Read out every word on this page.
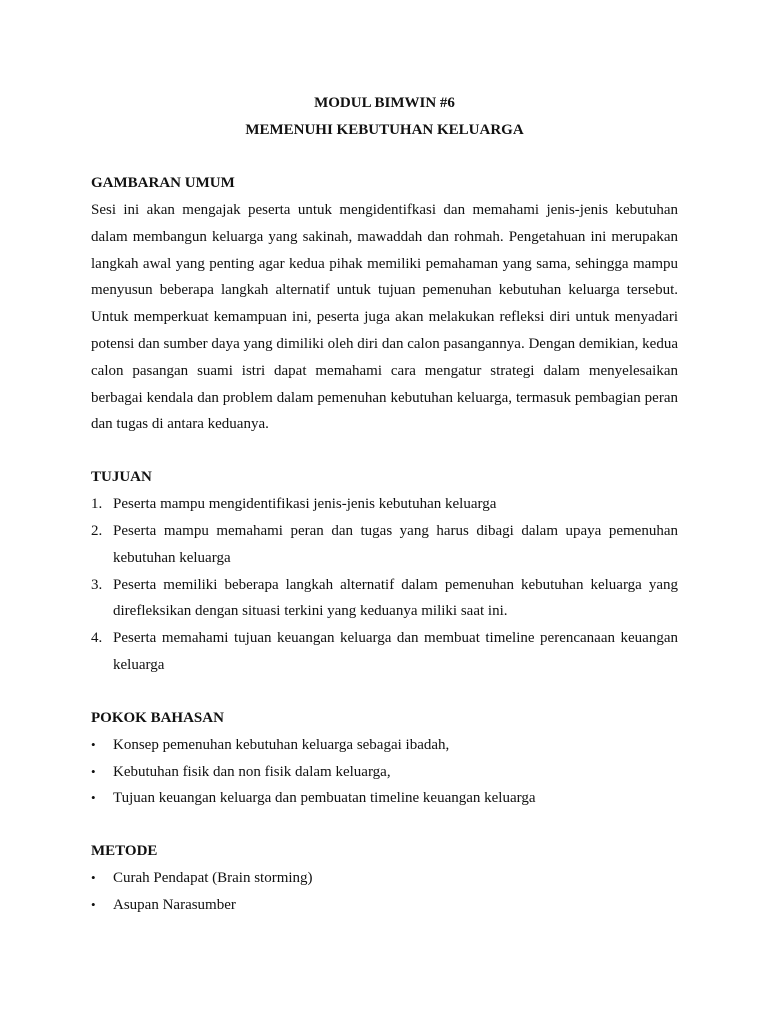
MODUL BIMWIN #6

MEMENUHI KEBUTUHAN KELUARGA

GAMBARAN UMUM

Sesi ini akan mengajak peserta untuk mengidentifkasi dan memahami jenis-jenis kebutuhan dalam membangun keluarga yang sakinah, mawaddah dan rohmah. Pengetahuan ini merupakan langkah awal yang penting agar kedua pihak memiliki pemahaman yang sama, sehingga mampu menyusun beberapa langkah alternatif untuk tujuan pemenuhan kebutuhan keluarga tersebut. Untuk memperkuat kemampuan ini, peserta juga akan melakukan refleksi diri untuk menyadari potensi dan sumber daya yang dimiliki oleh diri dan calon pasangannya. Dengan demikian, kedua calon pasangan suami istri dapat memahami cara mengatur strategi dalam menyelesaikan berbagai kendala dan problem dalam pemenuhan kebutuhan keluarga, termasuk pembagian peran dan tugas di antara keduanya.

TUJUAN

1. Peserta mampu mengidentifikasi jenis-jenis kebutuhan keluarga
2. Peserta mampu memahami peran dan tugas yang harus dibagi dalam upaya pemenuhan kebutuhan keluarga
3. Peserta memiliki beberapa langkah alternatif dalam pemenuhan kebutuhan keluarga yang direfleksikan dengan situasi terkini yang keduanya miliki saat ini.
4. Peserta memahami tujuan keuangan keluarga dan membuat timeline perencanaan keuangan keluarga

POKOK BAHASAN

• Konsep pemenuhan kebutuhan keluarga sebagai ibadah,
• Kebutuhan fisik dan non fisik dalam keluarga,
• Tujuan keuangan keluarga dan pembuatan timeline keuangan keluarga

METODE

• Curah Pendapat (Brain storming)
• Asupan Narasumber
